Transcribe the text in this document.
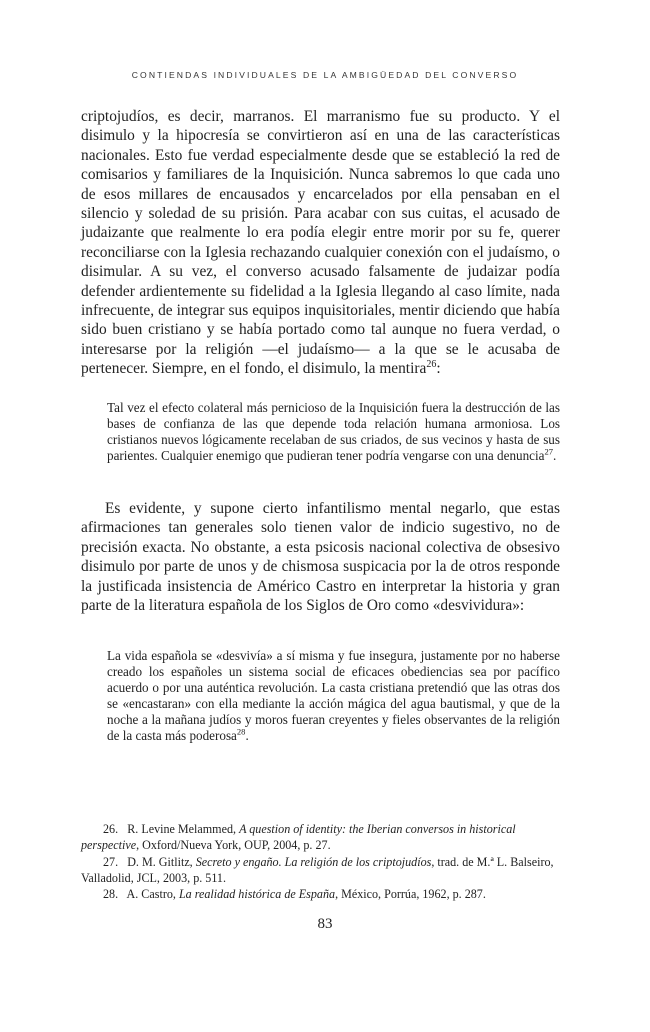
CONTIENDAS INDIVIDUALES DE LA AMBIGÜEDAD DEL CONVERSO

criptojudíos, es decir, marranos. El marranismo fue su producto. Y el disimulo y la hipocresía se convirtieron así en una de las características nacionales. Esto fue verdad especialmente desde que se estableció la red de comisarios y familiares de la Inquisición. Nunca sabremos lo que cada uno de esos millares de encausados y encarcelados por ella pensaban en el silencio y soledad de su prisión. Para acabar con sus cuitas, el acusado de judaizante que realmente lo era podía elegir entre morir por su fe, querer reconciliarse con la Iglesia rechazando cualquier conexión con el judaísmo, o disimular. A su vez, el converso acusado falsamente de judaizar podía defender ardientemente su fidelidad a la Iglesia llegando al caso límite, nada infrecuente, de integrar sus equipos inquisitoriales, mentir diciendo que había sido buen cristiano y se había portado como tal aunque no fuera verdad, o interesarse por la religión —el judaísmo— a la que se le acusaba de pertenecer. Siempre, en el fondo, el disimulo, la mentira$^{26}$:

Tal vez el efecto colateral más pernicioso de la Inquisición fuera la destrucción de las bases de confianza de las que depende toda relación humana armoniosa. Los cristianos nuevos lógicamente recelaban de sus criados, de sus vecinos y hasta de sus parientes. Cualquier enemigo que pudieran tener podría vengarse con una denuncia$^{27}$.

Es evidente, y supone cierto infantilismo mental negarlo, que estas afirmaciones tan generales solo tienen valor de indicio sugestivo, no de precisión exacta. No obstante, a esta psicosis nacional colectiva de obsesivo disimulo por parte de unos y de chismosa suspicacia por la de otros responde la justificada insistencia de Américo Castro en interpretar la historia y gran parte de la literatura española de los Siglos de Oro como «desvividura»:

La vida española se «desvivía» a sí misma y fue insegura, justamente por no haberse creado los españoles un sistema social de eficaces obediencias sea por pacífico acuerdo o por una auténtica revolución. La casta cristiana pretendió que las otras dos se «encastaran» con ella mediante la acción mágica del agua bautismal, y que de la noche a la mañana judíos y moros fueran creyentes y fieles observantes de la religión de la casta más poderosa$^{28}$.

26. R. Levine Melammed, A question of identity: the Iberian conversos in historical perspective, Oxford/Nueva York, OUP, 2004, p. 27.

27. D. M. Gitlitz, Secreto y engaño. La religión de los criptojudíos, trad. de M.ª L. Balseiro, Valladolid, JCL, 2003, p. 511.

28. A. Castro, La realidad histórica de España, México, Porrúa, 1962, p. 287.

83
